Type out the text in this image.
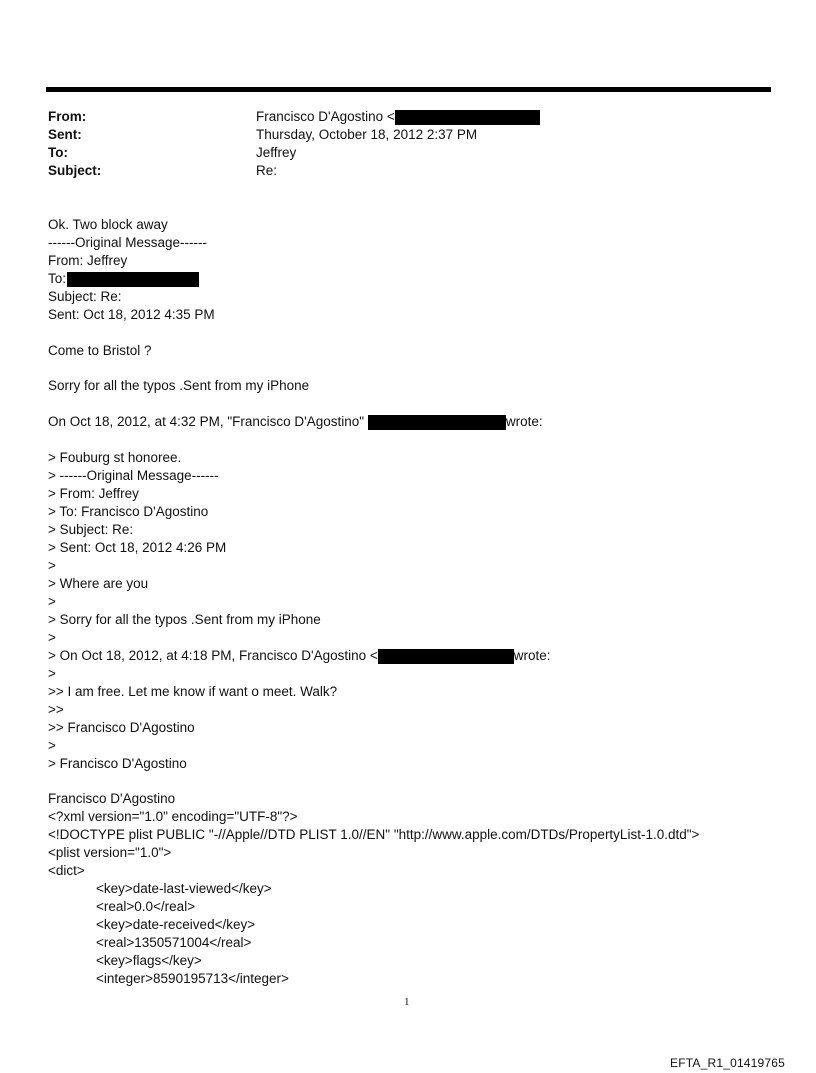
From:	Francisco D'Agostino <
Sent:	Thursday, October 18, 2012 2:37 PM
To:	Jeffrey
Subject:	Re:
Ok. Two block away
------Original Message------
From: Jeffrey
To:
Subject: Re:
Sent: Oct 18, 2012 4:35 PM
Come to Bristol ?
Sorry for all the typos .Sent from my iPhone
On Oct 18, 2012, at 4:32 PM, "Francisco D'Agostino"	wrote:
> Fouburg st honoree.
> ------Original Message------
> From: Jeffrey
> To: Francisco D'Agostino
> Subject: Re:
> Sent: Oct 18, 2012 4:26 PM
>
> Where are you
>
> Sorry for all the typos .Sent from my iPhone
>
> On Oct 18, 2012, at 4:18 PM, Francisco D'Agostino <	wrote:
>
>> I am free. Let me know if want o meet. Walk?
>>
>> Francisco D'Agostino
>
> Francisco D'Agostino
Francisco D'Agostino
<?xml version="1.0" encoding="UTF-8"?>
<!DOCTYPE plist PUBLIC "-//Apple//DTD PLIST 1.0//EN" "http://www.apple.com/DTDs/PropertyList-1.0.dtd">
<plist version="1.0">
<dict>
<key>date-last-viewed</key>
<real>0.0</real>
<key>date-received</key>
<real>1350571004</real>
<key>flags</key>
<integer>8590195713</integer>
1
EFTA_R1_01419765
